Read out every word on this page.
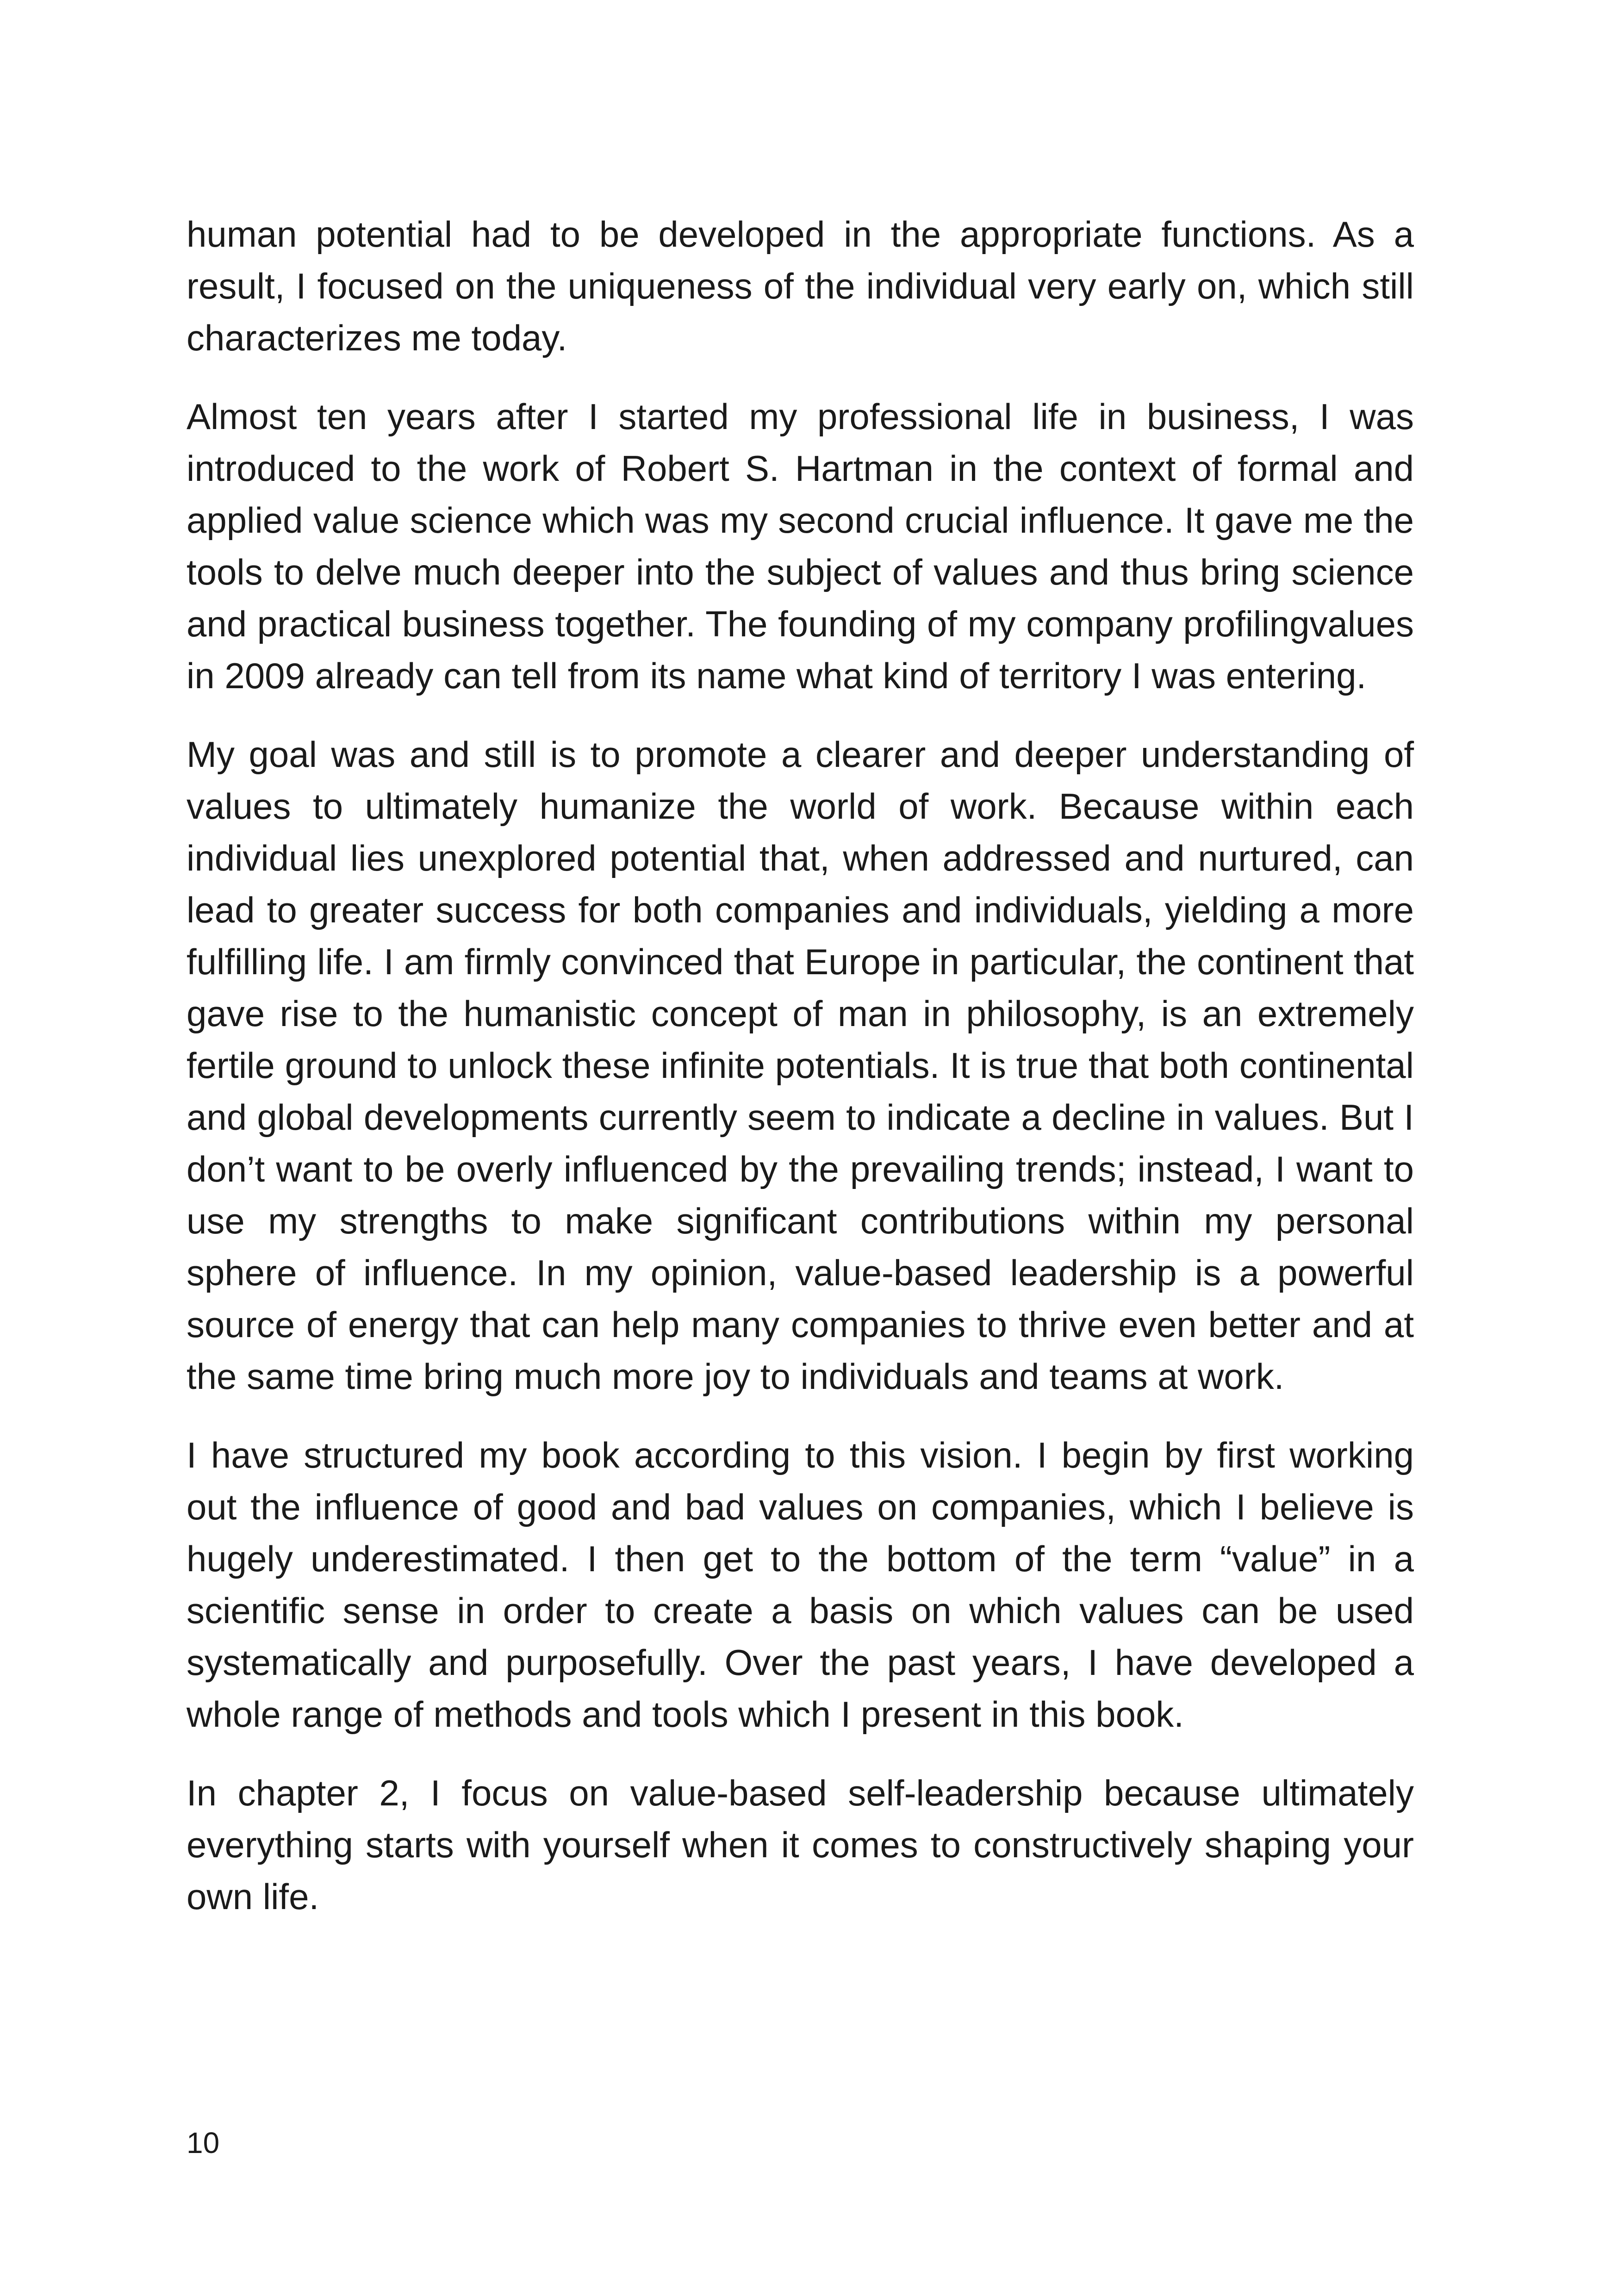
human potential had to be developed in the appropriate functions. As a result, I focused on the uniqueness of the individual very early on, which still characterizes me today.

Almost ten years after I started my professional life in business, I was introduced to the work of Robert S. Hartman in the context of formal and applied value science which was my second crucial influence. It gave me the tools to delve much deeper into the subject of values and thus bring science and practical business together. The founding of my company profilingvalues in 2009 already can tell from its name what kind of territory I was entering.

My goal was and still is to promote a clearer and deeper understanding of values to ultimately humanize the world of work. Because within each individual lies unexplored potential that, when addressed and nurtured, can lead to greater success for both companies and individuals, yielding a more fulfilling life. I am firmly convinced that Europe in particular, the continent that gave rise to the humanistic concept of man in philosophy, is an extremely fertile ground to unlock these infinite potentials. It is true that both continental and global developments currently seem to indicate a decline in values. But I don’t want to be overly influenced by the prevailing trends; instead, I want to use my strengths to make significant contributions within my personal sphere of influence. In my opinion, value-based leadership is a powerful source of energy that can help many companies to thrive even better and at the same time bring much more joy to individuals and teams at work.

I have structured my book according to this vision. I begin by first working out the influence of good and bad values on companies, which I believe is hugely underestimated. I then get to the bottom of the term “value” in a scientific sense in order to create a basis on which values can be used systematically and purposefully. Over the past years, I have developed a whole range of methods and tools which I present in this book.

In chapter 2, I focus on value-based self-leadership because ultimately everything starts with yourself when it comes to constructively shaping your own life.

10
